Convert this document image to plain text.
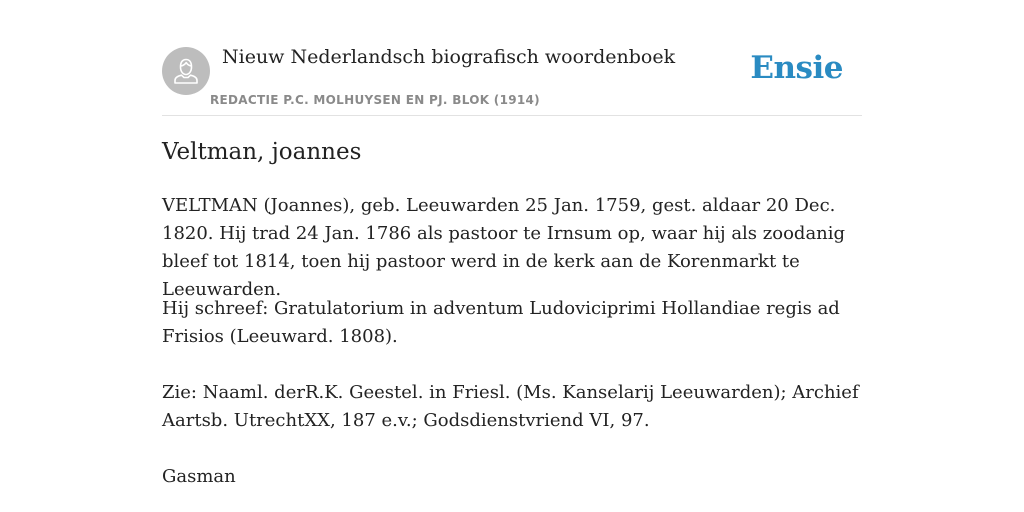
Nieuw Nederlandsch biografisch woordenboek
REDACTIE P.C. MOLHUYSEN EN PJ. BLOK (1914)
Ensie
Veltman, joannes
VELTMAN (Joannes), geb. Leeuwarden 25 Jan. 1759, gest. aldaar 20 Dec. 1820. Hij trad 24 Jan. 1786 als pastoor te Irnsum op, waar hij als zoodanig bleef tot 1814, toen hij pastoor werd in de kerk aan de Korenmarkt te Leeuwarden.
Hij schreef: Gratulatorium in adventum Ludoviciprimi Hollandiae regis ad Frisios (Leeuward. 1808).
Zie: Naaml. derR.K. Geestel. in Friesl. (Ms. Kanselarij Leeuwarden); Archief Aartsb. UtrechtXX, 187 e.v.; Godsdienstvriend VI, 97.
Gasman
